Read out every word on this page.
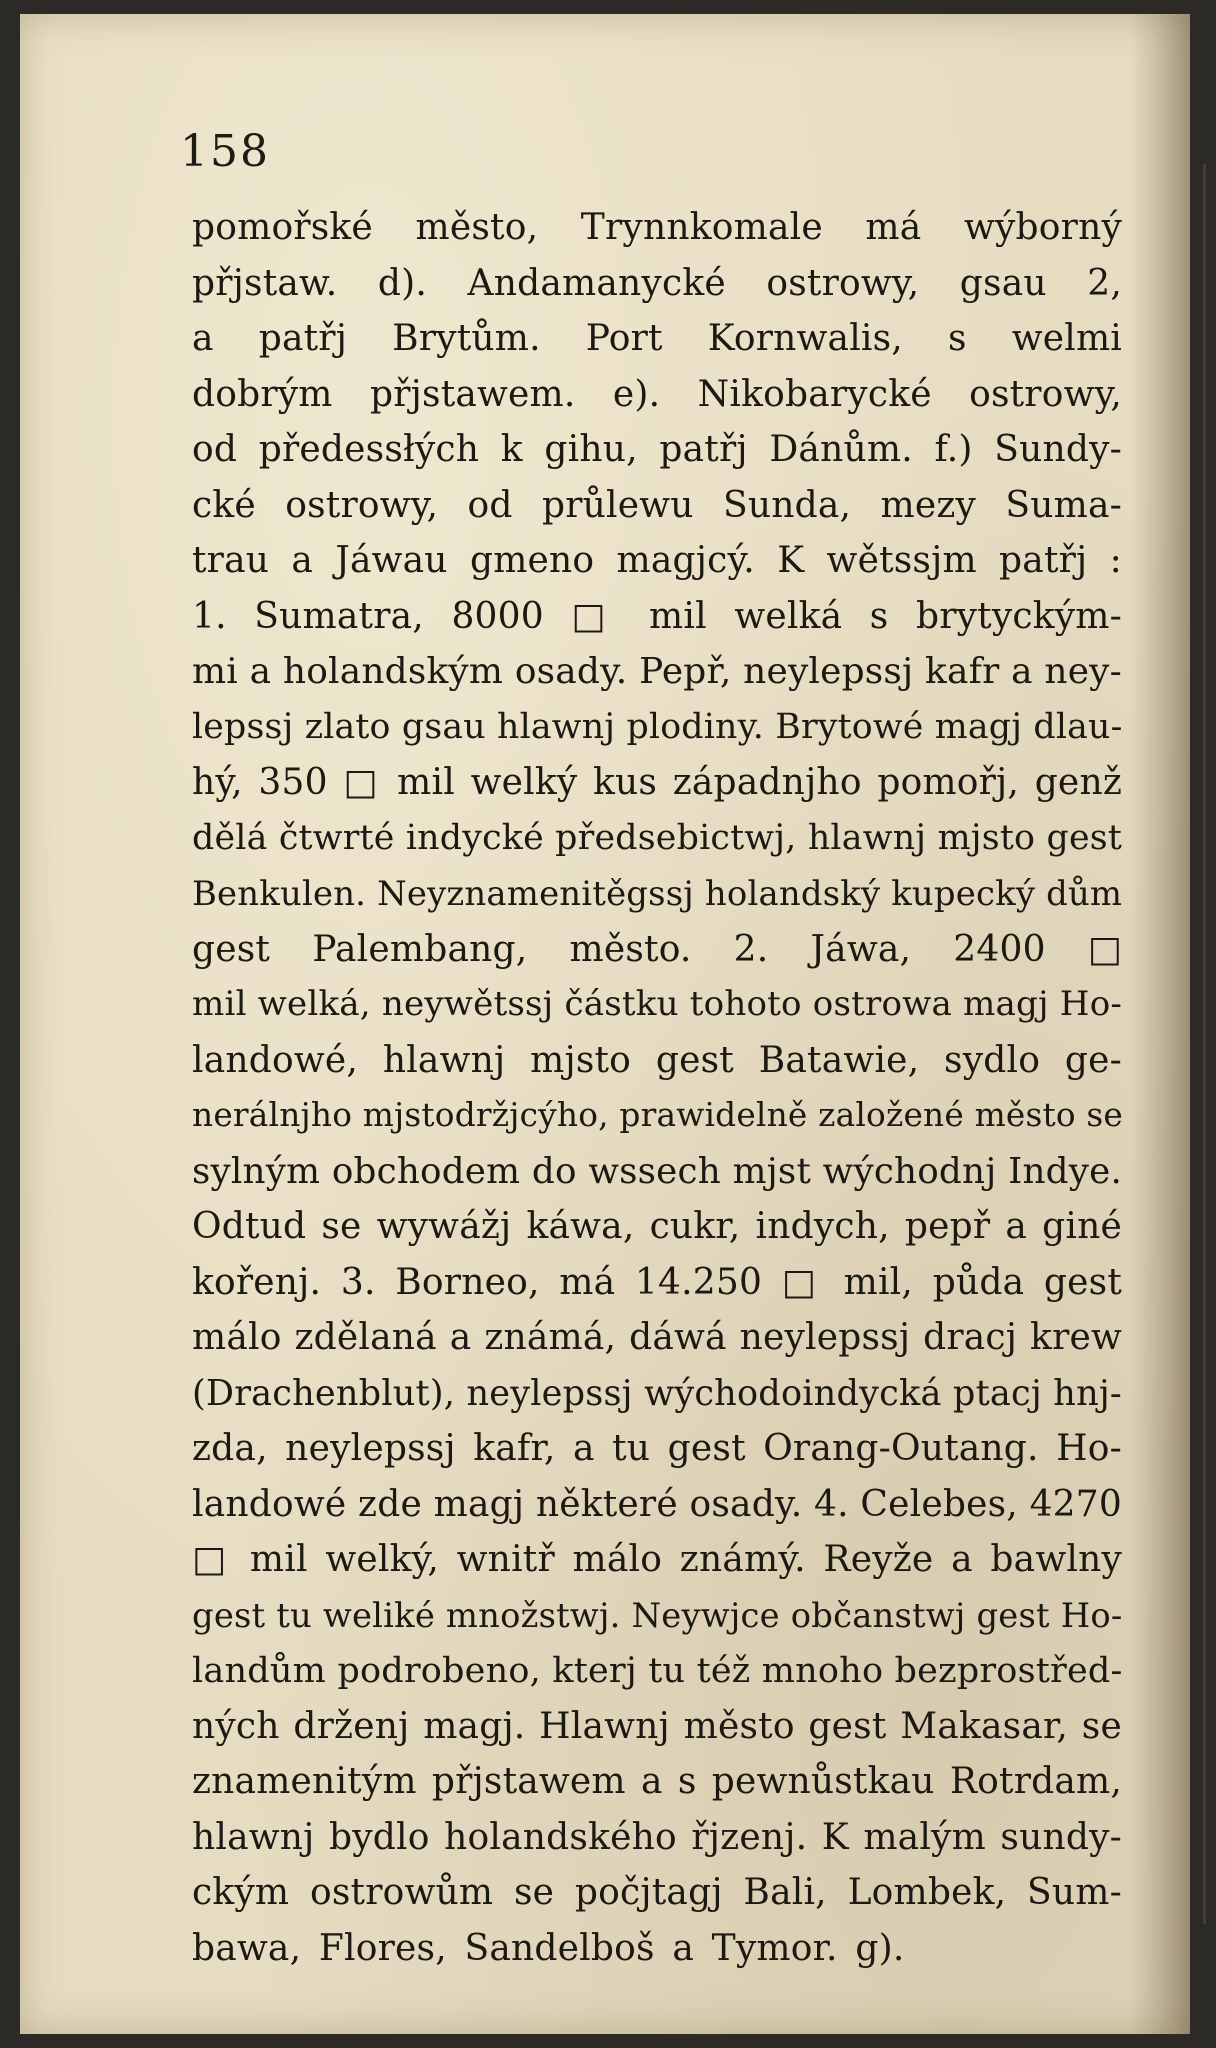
158
pomořské město, Trynnkomale má wýborný
přjstaw. d). Andamanycké ostrowy, gsau 2,
a patřj Brytům. Port Kornwalis, s welmi
dobrým přjstawem. e). Nikobarycké ostrowy,
od předessłých k gihu, patřj Dánům. f.) Sundy-
cké ostrowy, od průlewu Sunda, mezy Suma-
trau a Jáwau gmeno magjcý. K wětssjm patřj :
1. Sumatra, 8000 □ mil welká s brytyckým-
mi a holandským osady. Pepř, neylepssj kafr a ney-
lepssj zlato gsau hlawnj plodiny. Brytowé magj dlau-
hý, 350 □ mil welký kus západnjho pomořj, genž
dělá čtwrté indycké předsebictwj, hlawnj mjsto gest
Benkulen. Neyznamenitěgssj holandský kupecký dům
gest Palembang, město. 2. Jáwa, 2400 □
mil welká, neywětssj částku tohoto ostrowa magj Ho-
landowé, hlawnj mjsto gest Batawie, sydlo ge-
nerálnjho mjstodržjcýho, prawidelně založené město se
sylným obchodem do wssech mjst wýchodnj Indye.
Odtud se wywážj káwa, cukr, indych, pepř a giné
kořenj. 3. Borneo, má 14.250 □ mil, půda gest
málo zdělaná a známá, dáwá neylepssj dracj krew
(Drachenblut), neylepssj wýchodoindycká ptacj hnj-
zda, neylepssj kafr, a tu gest Orang-Outang. Ho-
landowé zde magj některé osady. 4. Celebes, 4270
□ mil welký, wnitř málo známý. Reyže a bawlny
gest tu weliké množstwj. Neywjce občanstwj gest Ho-
landům podrobeno, kterj tu též mnoho bezprostřed-
ných drženj magj. Hlawnj město gest Makasar, se
znamenitým přjstawem a s pewnůstkau Rotrdam,
hlawnj bydlo holandského řjzenj. K malým sundy-
ckým ostrowům se počjtagj Bali, Lombek, Sum-
bawa, Flores, Sandelboš a Tymor. g).
